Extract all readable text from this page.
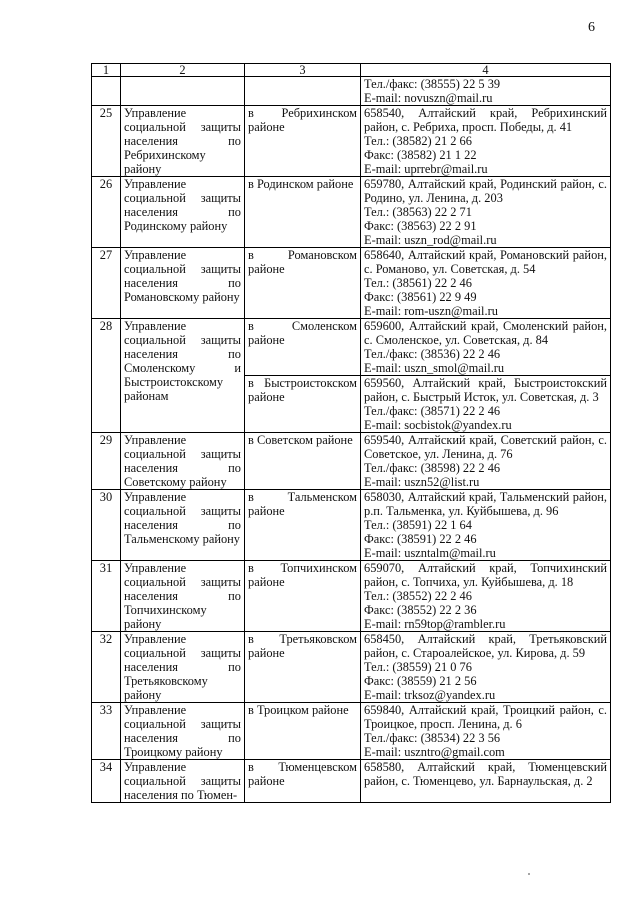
6
1	2	3	4

			Тел./факс: (38555) 22 5 39
E-mail: novuszn@mail.ru

25	Управление социальной защиты населения по Ребрихинскому району	в Ребрихинском районе	658540, Алтайский край, Ребрихинский район, с. Ребриха, просп. Победы, д. 41
Тел.: (38582) 21 2 66
Факс: (38582) 21 1 22
E-mail: uprrebr@mail.ru

26	Управление социальной защиты населения по Родинскому району	в Родинском районе	659780, Алтайский край, Родинский район, с. Родино, ул. Ленина, д. 203
Тел.: (38563) 22 2 71
Факс: (38563) 22 2 91
E-mail: uszn_rod@mail.ru

27	Управление социальной защиты населения по Романовскому району	в Романовском районе	658640, Алтайский край, Романовский район, с. Романово, ул. Советская, д. 54
Тел.: (38561) 22 2 46
Факс: (38561) 22 9 49
E-mail: rom-uszn@mail.ru

28	Управление социальной защиты населения по Смоленскому и Быстроистокскому районам	в Смоленском районе	659600, Алтайский край, Смоленский район, с. Смоленское, ул. Советская, д. 84
Тел./факс: (38536) 22 2 46
E-mail: uszn_smol@mail.ru

		в Быстроистокском районе	659560, Алтайский край, Быстроистокский район, с. Быстрый Исток, ул. Советская, д. 3
Тел./факс: (38571) 22 2 46
E-mail: socbistok@yandex.ru

29	Управление социальной защиты населения по Советскому району	в Советском районе	659540, Алтайский край, Советский район, с. Советское, ул. Ленина, д. 76
Тел./факс: (38598) 22 2 46
E-mail: uszn52@list.ru

30	Управление социальной защиты населения по Тальменскому району	в Тальменском районе	658030, Алтайский край, Тальменский район, р.п. Тальменка, ул. Куйбышева, д. 96
Тел.: (38591) 22 1 64
Факс: (38591) 22 2 46
E-mail: uszntalm@mail.ru

31	Управление социальной защиты населения по Топчихинскому району	в Топчихинском районе	659070, Алтайский край, Топчихинский район, с. Топчиха, ул. Куйбышева, д. 18
Тел.: (38552) 22 2 46
Факс: (38552) 22 2 36
E-mail: rn59top@rambler.ru

32	Управление социальной защиты населения по Третьяковскому району	в Третьяковском районе	658450, Алтайский край, Третьяковский район, с. Староалейское, ул. Кирова, д. 59
Тел.: (38559) 21 0 76
Факс: (38559) 21 2 56
E-mail: trksoz@yandex.ru

33	Управление социальной защиты населения по Троицкому району	в Троицком районе	659840, Алтайский край, Троицкий район, с. Троицкое, просп. Ленина, д. 6
Тел./факс: (38534) 22 3 56
E-mail: uszntro@gmail.com

34	Управление социальной защиты населения по Тюмен-	в Тюменцевском районе	658580, Алтайский край, Тюменцевский район, с. Тюменцево, ул. Барнаульская, д. 2
